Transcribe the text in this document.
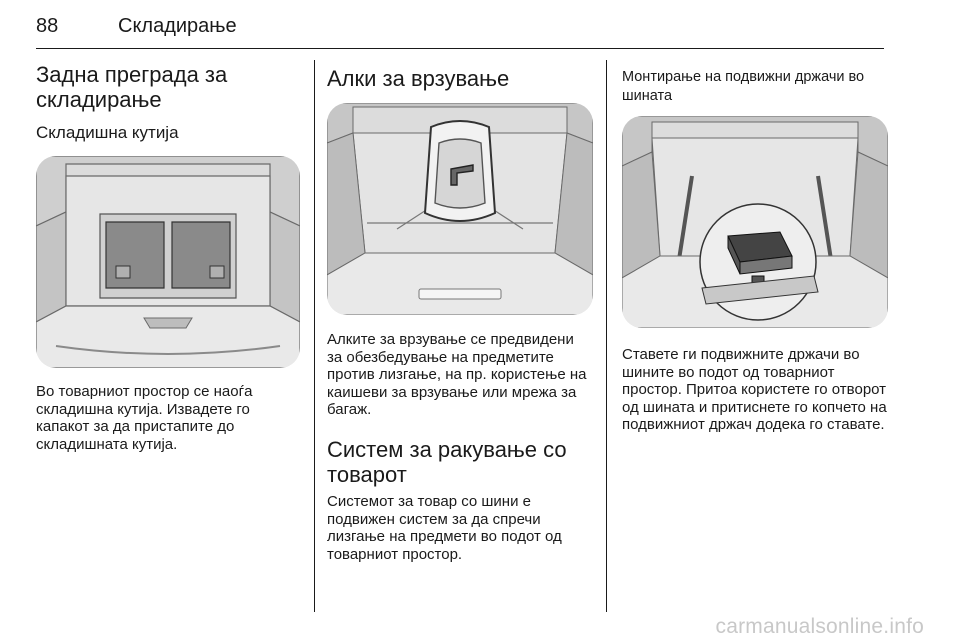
88	Складирање
Задна преграда за складирање
Складишна кутија

Во товарниот простор се наоѓа складишна кутија. Извадете го капакот за да пристапите до складишната кутија.

Алки за врзување

Алките за врзување се предвидени за обезбедување на предметите против лизгање, на пр. користење на каишеви за врзување или мрежа за багаж.

Систем за ракување со товарот

Системот за товар со шини е подвижен систем за да спречи лизгање на предмети во подот од товарниот простор.

Монтирање на подвижни држачи во шината

Ставете ги подвижните држачи во шините во подот од товарниот простор. Притоа користете го отворот од шината и притиснете го копчето на подвижниот држач додека го ставате.

carmanualsonline.info
